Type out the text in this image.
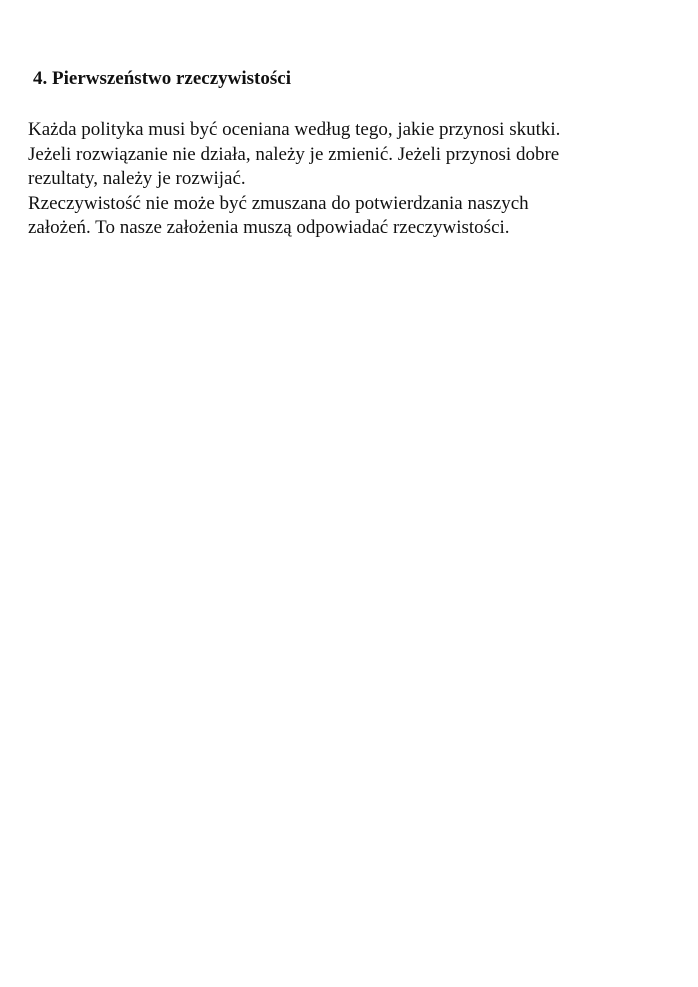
4. Pierwszeństwo rzeczywistości
Każda polityka musi być oceniana według tego, jakie przynosi skutki.
Jeżeli rozwiązanie nie działa, należy je zmienić. Jeżeli przynosi dobre
rezultaty, należy je rozwijać.
Rzeczywistość nie może być zmuszana do potwierdzania naszych
założeń. To nasze założenia muszą odpowiadać rzeczywistości.
